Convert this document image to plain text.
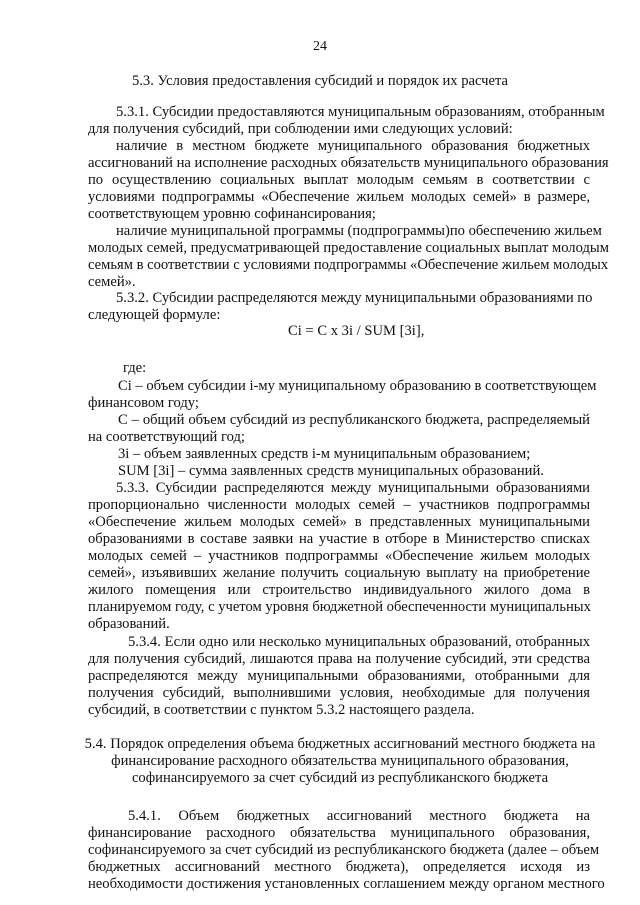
24
5.3. Условия предоставления субсидий и порядок их расчета
5.3.1. Субсидии предоставляются муниципальным образованиям, отобранным
для получения субсидий, при соблюдении ими следующих условий:
наличие в местном бюджете муниципального образования бюджетных
ассигнований на исполнение расходных обязательств муниципального образования
по осуществлению социальных выплат молодым семьям в соответствии с
условиями подпрограммы «Обеспечение жильем молодых семей» в размере,
соответствующем уровню софинансирования;
наличие муниципальной программы (подпрограммы)по обеспечению жильем
молодых семей, предусматривающей предоставление социальных выплат молодым
семьям в соответствии с условиями подпрограммы «Обеспечение жильем молодых
семей».
5.3.2. Субсидии распределяются между муниципальными образованиями по
следующей формуле:
Ci = C x 3i / SUM [3i],
где:
Ci – объем субсидии i-му муниципальному образованию в соответствующем
финансовом году;
С – общий объем субсидий из республиканского бюджета, распределяемый
на соответствующий год;
3i – объем заявленных средств i-м муниципальным образованием;
SUM [3i] – сумма заявленных средств муниципальных образований.
5.3.3. Субсидии распределяются между муниципальными образованиями
пропорционально численности молодых семей – участников подпрограммы
«Обеспечение жильем молодых семей» в представленных муниципальными
образованиями в составе заявки на участие в отборе в Министерство списках
молодых семей – участников подпрограммы «Обеспечение жильем молодых
семей», изъявивших желание получить социальную выплату на приобретение
жилого помещения или строительство индивидуального жилого дома в
планируемом году, с учетом уровня бюджетной обеспеченности муниципальных
образований.
5.3.4. Если одно или несколько муниципальных образований, отобранных
для получения субсидий, лишаются права на получение субсидий, эти средства
распределяются между муниципальными образованиями, отобранными для
получения субсидий, выполнившими условия, необходимые для получения
субсидий, в соответствии с пунктом 5.3.2 настоящего раздела.
5.4. Порядок определения объема бюджетных ассигнований местного бюджета на
финансирование расходного обязательства муниципального образования,
софинансируемого за счет субсидий из республиканского бюджета
5.4.1. Объем бюджетных ассигнований местного бюджета на
финансирование расходного обязательства муниципального образования,
софинансируемого за счет субсидий из республиканского бюджета (далее – объем
бюджетных ассигнований местного бюджета), определяется исходя из
необходимости достижения установленных соглашением между органом местного
